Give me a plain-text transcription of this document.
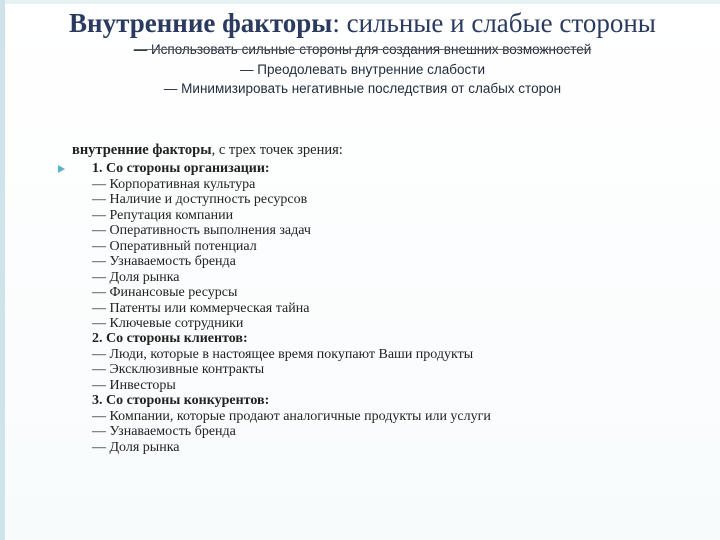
Внутренние факторы: сильные и слабые стороны
— Использовать сильные стороны для создания внешних возможностей
— Преодолевать внутренние слабости
— Минимизировать негативные последствия от слабых сторон
внутренние факторы, с трех точек зрения:
1. Со стороны организации:
— Корпоративная культура
— Наличие и доступность ресурсов
— Репутация компании
— Оперативность выполнения задач
— Оперативный потенциал
— Узнаваемость бренда
— Доля рынка
— Финансовые ресурсы
— Патенты или коммерческая тайна
— Ключевые сотрудники
2. Со стороны клиентов:
— Люди, которые в настоящее время покупают Ваши продукты
— Эксклюзивные контракты
— Инвесторы
3. Со стороны конкурентов:
— Компании, которые продают аналогичные продукты или услуги
— Узнаваемость бренда
— Доля рынка
